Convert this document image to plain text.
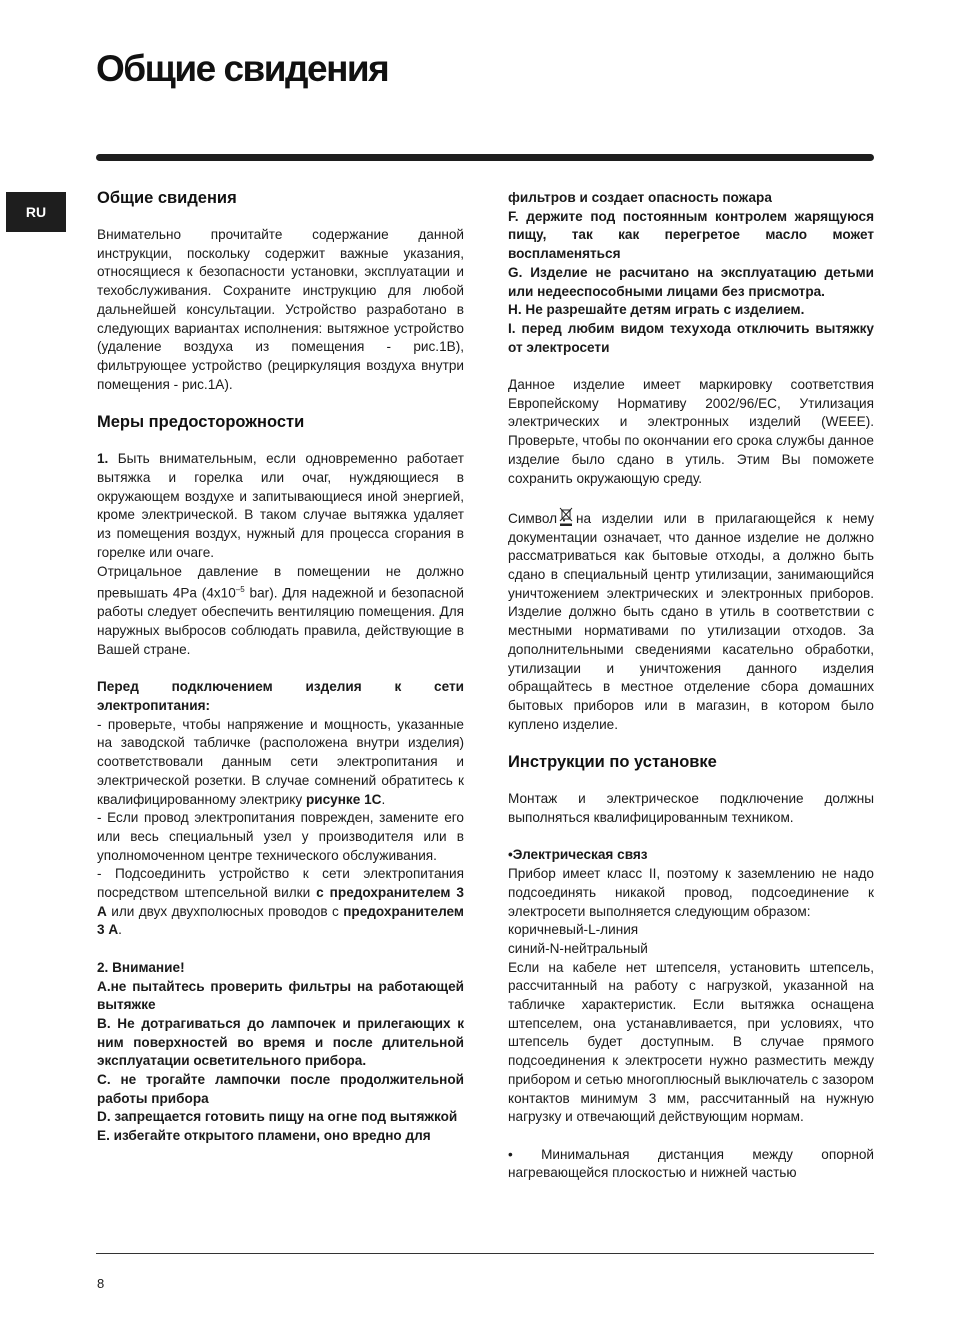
Общие свидения
RU
Общие свидения

Внимательно прочитайте содержание данной инструкции, поскольку содержит важные указания, относящиеся к безопасности установки, эксплуатации и техобслуживания. Сохраните инструкцию для любой дальнейшей консультации. Устройство разработано в следующих вариантах исполнения: вытяжное устройство (удаление воздуха из помещения - рис.1В), фильтрующее устройство (рециркуляция воздуха внутри помещения - рис.1А).

Меры предосторожности

1. Быть внимательным, если одновременно работает вытяжка и горелка или очаг, нуждяющиеся в окружающем воздухе и запитывающиеся иной энергией, кроме электрической. В таком случае вытяжка удаляет из помещения воздух, нужный для процесса сгорания в горелке или очаге.

Отрицальное давление в помещении не должно превышать 4Pa ($4x10^{-5}$ bar). Для надежной и безопасной работы следует обеспечить вентиляцию помещения. Для наружных выбросов соблюдать правила, действующие в Вашей стране.

Перед подключением изделия к сети электропитания:

- проверьте, чтобы напряжение и мощность, указанные на заводской табличке (расположена внутри изделия) соответствовали данным сети электропитания и электрической розетки. В случае сомнений обратитесь к квалифицированному электрику рисунке 1С.

- Если провод электропитания поврежден, замените его или весь специальный узел у производителя или в уполномоченном центре технического обслуживания.

- Подсоединить устройство к сети электропитания посредством штепсельной вилки с предохранителем 3 А или двух двухполюсных проводов с предохранителем 3 А.

2. Внимание!

А.не пытайтесь проверить фильтры на работающей вытяжке

В. Не дотрагиваться до лампочек и прилегающих к ним поверхностей во время и после длительной эксплуатации осветительного прибора.

С. не трогайте лампочки после продолжительной работы прибора

D. запрещается готовить пищу на огне под вытяжкой

Е. избегайте открытого пламени, оно вредно для

фильтров и создает опасность пожара

F. держите под постоянным контролем жарящуюся пищу, так как перегретое масло может воспламеняться

G. Изделие не расчитано на эксплуатацию детьми или недееспособными лицами без присмотра.

H. Не разрешайте детям играть с изделием.

I. перед любим видом техухода отключить вытяжку от электросети

Данное изделие имеет маркировку соответствия Европейскому Нормативу 2002/96/EC, Утилизация электрических и электронных изделий (WEEE). Проверьте, чтобы по окончании его срока службы данное изделие было сдано в утиль. Этим Вы поможете сохранить окружающую среду.

Символ на изделии или в прилагающейся к нему документации означает, что данное изделие не должно рассматриваться как бытовые отходы, а должно быть сдано в специальный центр утилизации, занимающийся уничтожением электрических и электронных приборов. Изделие должно быть сдано в утиль в соответствии с местными нормативами по утилизации отходов. За дополнительными сведениями касательно обработки, утилизации и уничтожения данного изделия обращайтесь в местное отделение сбора домашних бытовых приборов или в магазин, в котором было куплено изделие.

Инструкции по установке

Монтаж и электрическое подключение должны выполняться квалифицированным техником.

•Электрическая связ

Прибор имеет класс II, поэтому к заземлению не надо подсоединять никакой провод, подсоединение к электросети выполняется следующим образом:

коричневый-L-линия

синий-N-нейтральный

Если на кабеле нет штепселя, установить штепсель, рассчитанный на работу с нагрузкой, указанной на табличке характеристик. Если вытяжка оснащена штепселем, она устанавливается, при условиях, что штепсель будет доступным. В случае прямого подсоединения к электросети нужно разместить между прибором и сетью многоплюсный выключатель с зазором контактов минимум 3 мм, рассчитанный на нужную нагрузку и отвечающий действующим нормам.

• Минимальная дистанция между опорной нагревающейся плоскостью и нижней частью

8
